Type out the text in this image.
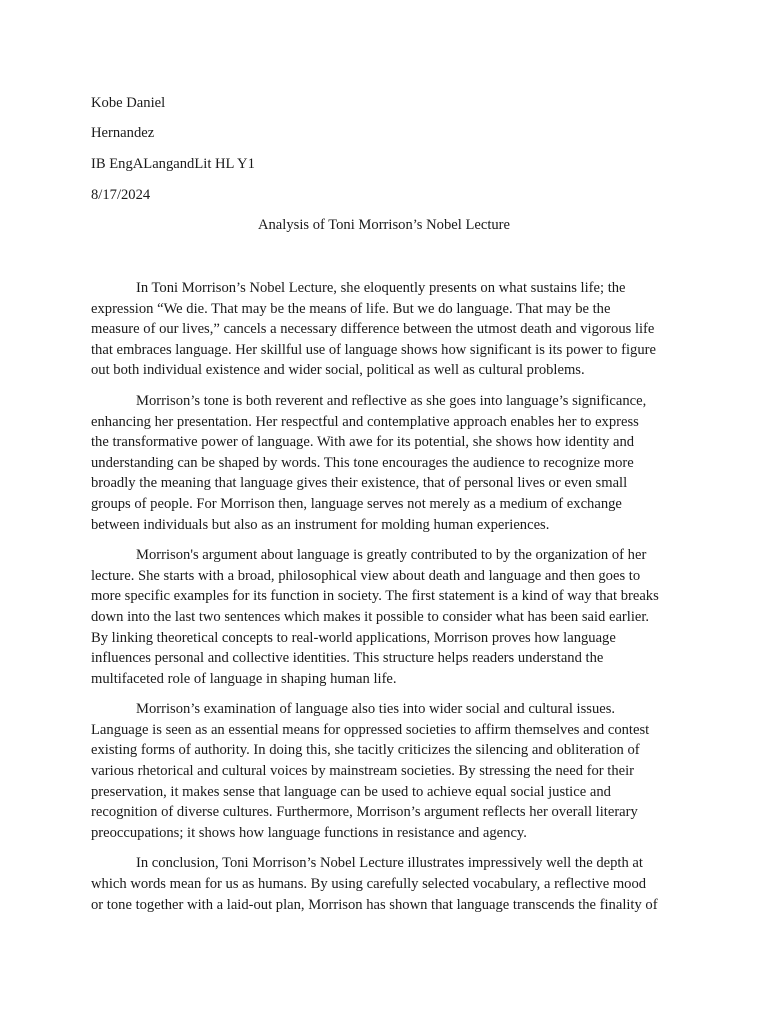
Kobe Daniel
Hernandez
IB EngALangandLit HL Y1
8/17/2024
Analysis of Toni Morrison’s Nobel Lecture

In Toni Morrison’s Nobel Lecture, she eloquently presents on what sustains life; the
expression “We die. That may be the means of life. But we do language. That may be the
measure of our lives,” cancels a necessary difference between the utmost death and vigorous life
that embraces language. Her skillful use of language shows how significant is its power to figure
out both individual existence and wider social, political as well as cultural problems.

Morrison’s tone is both reverent and reflective as she goes into language’s significance,
enhancing her presentation. Her respectful and contemplative approach enables her to express
the transformative power of language. With awe for its potential, she shows how identity and
understanding can be shaped by words. This tone encourages the audience to recognize more
broadly the meaning that language gives their existence, that of personal lives or even small
groups of people. For Morrison then, language serves not merely as a medium of exchange
between individuals but also as an instrument for molding human experiences.

Morrison's argument about language is greatly contributed to by the organization of her
lecture. She starts with a broad, philosophical view about death and language and then goes to
more specific examples for its function in society. The first statement is a kind of way that breaks
down into the last two sentences which makes it possible to consider what has been said earlier.
By linking theoretical concepts to real-world applications, Morrison proves how language
influences personal and collective identities. This structure helps readers understand the
multifaceted role of language in shaping human life.

Morrison’s examination of language also ties into wider social and cultural issues.
Language is seen as an essential means for oppressed societies to affirm themselves and contest
existing forms of authority. In doing this, she tacitly criticizes the silencing and obliteration of
various rhetorical and cultural voices by mainstream societies. By stressing the need for their
preservation, it makes sense that language can be used to achieve equal social justice and
recognition of diverse cultures. Furthermore, Morrison’s argument reflects her overall literary
preoccupations; it shows how language functions in resistance and agency.

In conclusion, Toni Morrison’s Nobel Lecture illustrates impressively well the depth at
which words mean for us as humans. By using carefully selected vocabulary, a reflective mood
or tone together with a laid-out plan, Morrison has shown that language transcends the finality of
